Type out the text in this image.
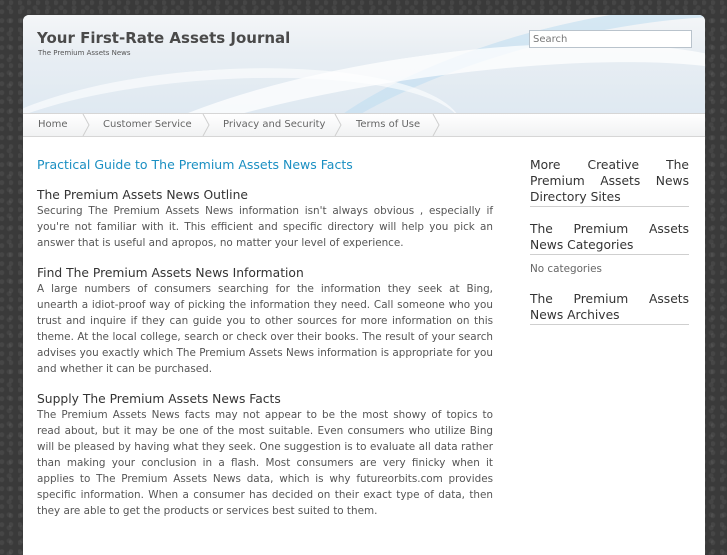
Your First-Rate Assets Journal
The Premium Assets News
Search
Home	Customer Service	Privacy and Security	Terms of Use
Practical Guide to The Premium Assets News Facts
The Premium Assets News Outline

Securing The Premium Assets News information isn't always obvious , especially if you're not familiar with it. This efficient and specific directory will help you pick an answer that is useful and apropos, no matter your level of experience.

Find The Premium Assets News Information

A large numbers of consumers searching for the information they seek at Bing, unearth a idiot-proof way of picking the information they need. Call someone who you trust and inquire if they can guide you to other sources for more information on this theme. At the local college, search or check over their books. The result of your search advises you exactly which The Premium Assets News information is appropriate for you and whether it can be purchased.

Supply The Premium Assets News Facts

The Premium Assets News facts may not appear to be the most showy of topics to read about, but it may be one of the most suitable. Even consumers who utilize Bing will be pleased by having what they seek. One suggestion is to evaluate all data rather than making your conclusion in a flash. Most consumers are very finicky when it applies to The Premium Assets News data, which is why futureorbits.com provides specific information. When a consumer has decided on their exact type of data, then they are able to get the products or services best suited to them.

More Creative The Premium Assets News Directory Sites
The Premium Assets News Categories
No categories
The Premium Assets News Archives
